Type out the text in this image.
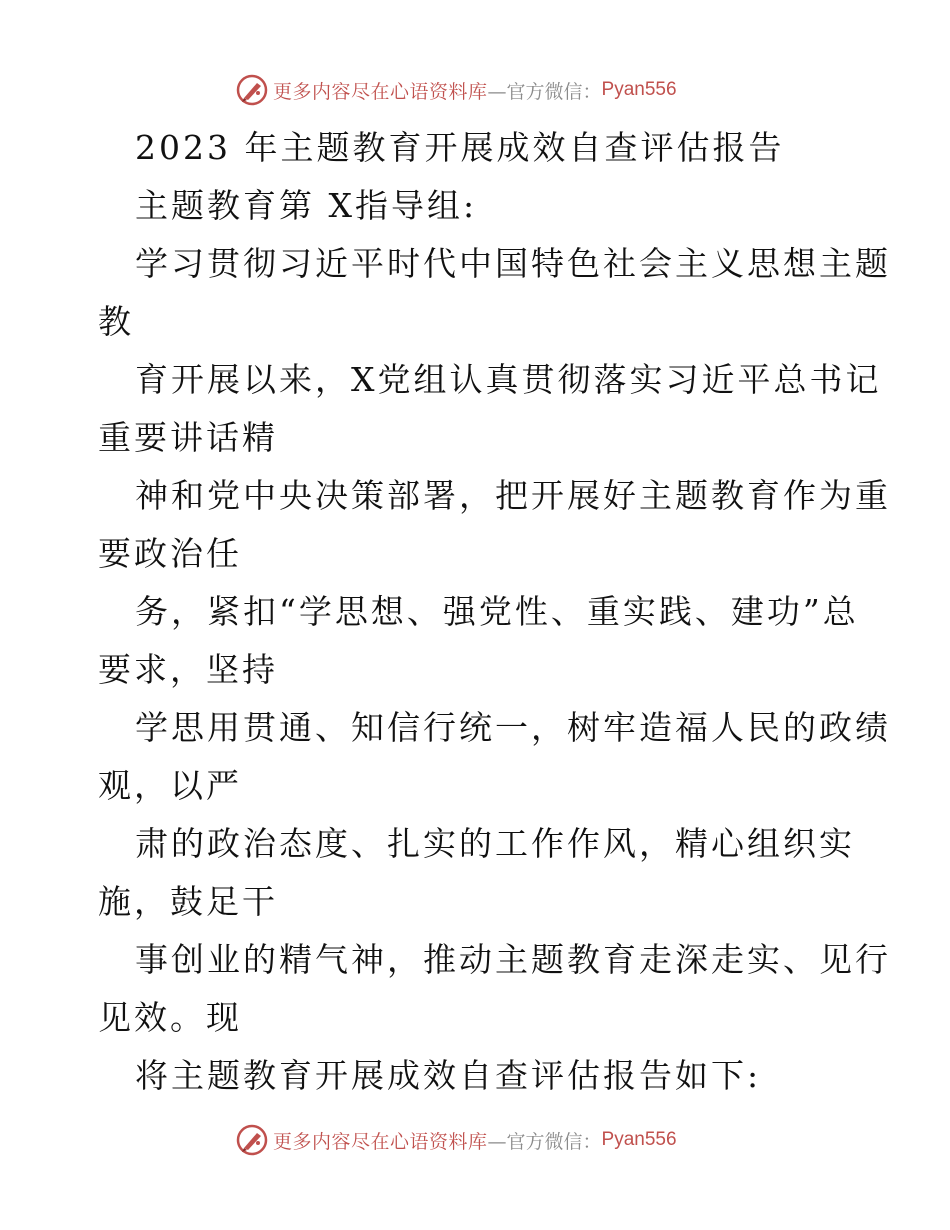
更多内容尽在心语资料库 —官方微信： Pyan556
2023 年主题教育开展成效自查评估报告
主题教育第 X指导组:
学习贯彻习近平时代中国特色社会主义思想主题
教
育开展以来，X党组认真贯彻落实习近平总书记
重要讲话精
神和党中央决策部署，把开展好主题教育作为重
要政治任
务，紧扣“学思想、强党性、重实践、建功”总
要求，坚持
学思用贯通、知信行统一，树牢造福人民的政绩
观，以严
肃的政治态度、扎实的工作作风，精心组织实
施，鼓足干
事创业的精气神，推动主题教育走深走实、见行
见效。现
将主题教育开展成效自查评估报告如下:
更多内容尽在心语资料库 —官方微信： Pyan556
